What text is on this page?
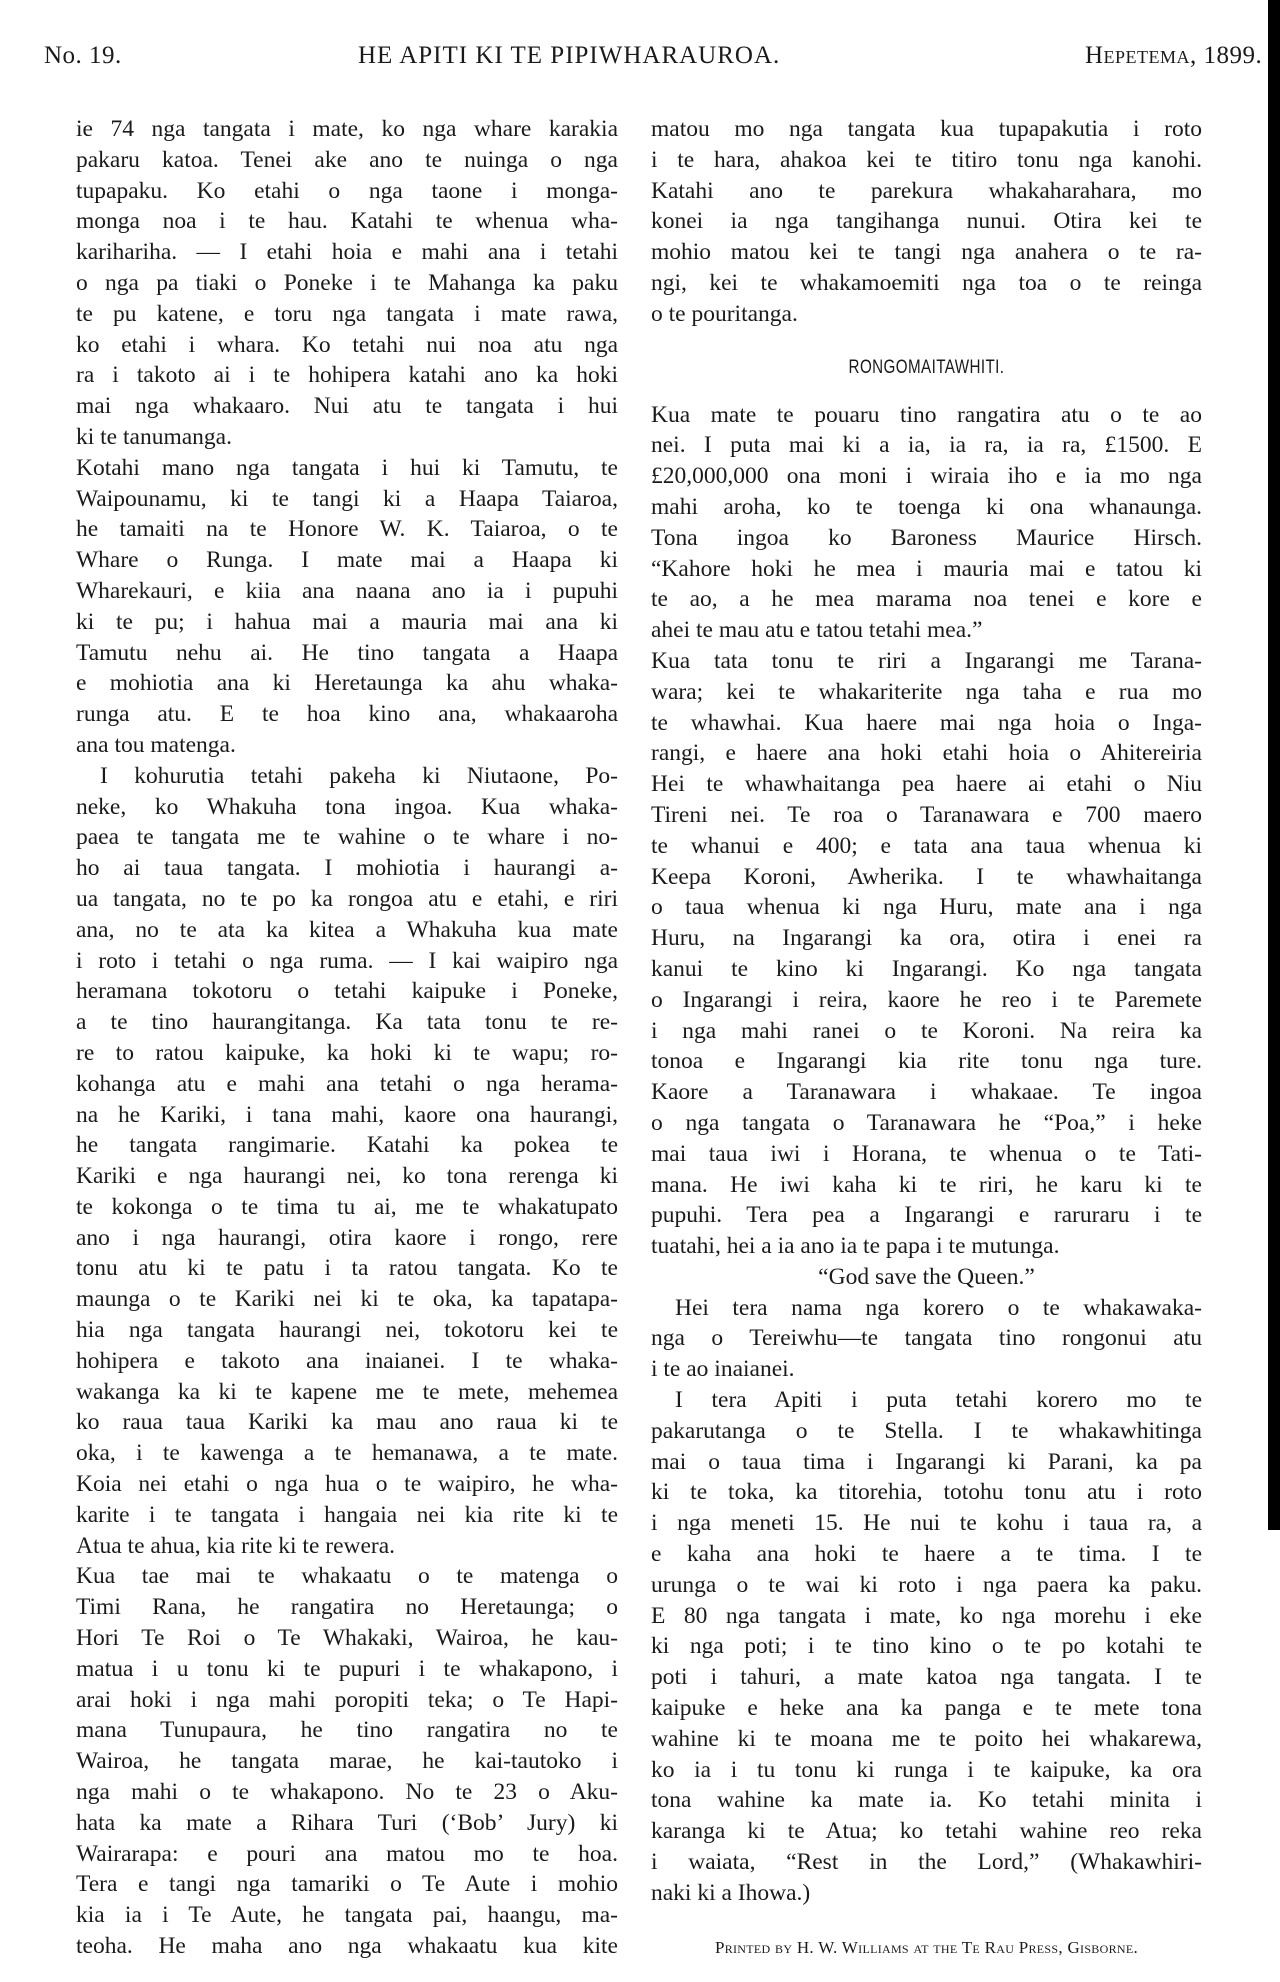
No. 19.	HE APITI KI TE PIPIWHARAUROA.	Hepetema, 1899.
ie 74 nga tangata i mate, ko nga whare karakia
pakaru katoa. Tenei ake ano te nuinga o nga
tupapaku. Ko etahi o nga taone i monga-
monga noa i te hau. Katahi te whenua wha-
karihariha. — I etahi hoia e mahi ana i tetahi
o nga pa tiaki o Poneke i te Mahanga ka paku
te pu katene, e toru nga tangata i mate rawa,
ko etahi i whara. Ko tetahi nui noa atu nga
ra i takoto ai i te hohipera katahi ano ka hoki
mai nga whakaaro. Nui atu te tangata i hui
ki te tanumanga.
Kotahi mano nga tangata i hui ki Tamutu, te
Waipounamu, ki te tangi ki a Haapa Taiaroa,
he tamaiti na te Honore W. K. Taiaroa, o te
Whare o Runga. I mate mai a Haapa ki
Wharekauri, e kiia ana naana ano ia i pupuhi
ki te pu; i hahua mai a mauria mai ana ki
Tamutu nehu ai. He tino tangata a Haapa
e mohiotia ana ki Heretaunga ka ahu whaka-
runga atu. E te hoa kino ana, whakaaroha
ana tou matenga.
I kohurutia tetahi pakeha ki Niutaone, Po-
neke, ko Whakuha tona ingoa. Kua whaka-
paea te tangata me te wahine o te whare i no-
ho ai taua tangata. I mohiotia i haurangi a-
ua tangata, no te po ka rongoa atu e etahi, e riri
ana, no te ata ka kitea a Whakuha kua mate
i roto i tetahi o nga ruma. — I kai waipiro nga
heramana tokotoru o tetahi kaipuke i Poneke,
a te tino haurangitanga. Ka tata tonu te re-
re to ratou kaipuke, ka hoki ki te wapu; ro-
kohanga atu e mahi ana tetahi o nga herama-
na he Kariki, i tana mahi, kaore ona haurangi,
he tangata rangimarie. Katahi ka pokea te
Kariki e nga haurangi nei, ko tona rerenga ki
te kokonga o te tima tu ai, me te whakatupato
ano i nga haurangi, otira kaore i rongo, rere
tonu atu ki te patu i ta ratou tangata. Ko te
maunga o te Kariki nei ki te oka, ka tapatapa-
hia nga tangata haurangi nei, tokotoru kei te
hohipera e takoto ana inaianei. I te whaka-
wakanga ka ki te kapene me te mete, mehemea
ko raua taua Kariki ka mau ano raua ki te
oka, i te kawenga a te hemanawa, a te mate.
Koia nei etahi o nga hua o te waipiro, he wha-
karite i te tangata i hangaia nei kia rite ki te
Atua te ahua, kia rite ki te rewera.
Kua tae mai te whakaatu o te matenga o
Timi Rana, he rangatira no Heretaunga; o
Hori Te Roi o Te Whakaki, Wairoa, he kau-
matua i u tonu ki te pupuri i te whakapono, i
arai hoki i nga mahi poropiti teka; o Te Hapi-
mana Tunupaura, he tino rangatira no te
Wairoa, he tangata marae, he kai-tautoko i
nga mahi o te whakapono. No te 23 o Aku-
hata ka mate a Rihara Turi (‘Bob’ Jury) ki
Wairarapa: e pouri ana matou mo te hoa.
Tera e tangi nga tamariki o Te Aute i mohio
kia ia i Te Aute, he tangata pai, haangu, ma-
teoha. He maha ano nga whakaatu kua kite
matou mo nga tangata kua tupapakutia i roto
i te hara, ahakoa kei te titiro tonu nga kanohi.
Katahi ano te parekura whakaharahara, mo
konei ia nga tangihanga nunui. Otira kei te
mohio matou kei te tangi nga anahera o te ra-
ngi, kei te whakamoemiti nga toa o te reinga
o te pouritanga.
RONGOMAITAWHITI.
Kua mate te pouaru tino rangatira atu o te ao
nei. I puta mai ki a ia, ia ra, ia ra, £1500. E
£20,000,000 ona moni i wiraia iho e ia mo nga
mahi aroha, ko te toenga ki ona whanaunga.
Tona ingoa ko Baroness Maurice Hirsch.
“Kahore hoki he mea i mauria mai e tatou ki
te ao, a he mea marama noa tenei e kore e
ahei te mau atu e tatou tetahi mea.”
Kua tata tonu te riri a Ingarangi me Tarana-
wara; kei te whakariterite nga taha e rua mo
te whawhai. Kua haere mai nga hoia o Inga-
rangi, e haere ana hoki etahi hoia o Ahitereiria
Hei te whawhaitanga pea haere ai etahi o Niu
Tireni nei. Te roa o Taranawara e 700 maero
te whanui e 400; e tata ana taua whenua ki
Keepa Koroni, Awherika. I te whawhaitanga
o taua whenua ki nga Huru, mate ana i nga
Huru, na Ingarangi ka ora, otira i enei ra
kanui te kino ki Ingarangi. Ko nga tangata
o Ingarangi i reira, kaore he reo i te Paremete
i nga mahi ranei o te Koroni. Na reira ka
tonoa e Ingarangi kia rite tonu nga ture.
Kaore a Taranawara i whakaae. Te ingoa
o nga tangata o Taranawara he “Poa,” i heke
mai taua iwi i Horana, te whenua o te Tati-
mana. He iwi kaha ki te riri, he karu ki te
pupuhi. Tera pea a Ingarangi e raruraru i te
tuatahi, hei a ia ano ia te papa i te mutunga.
“God save the Queen.”
Hei tera nama nga korero o te whakawaka-
nga o Tereiwhu—te tangata tino rongonui atu
i te ao inaianei.
I tera Apiti i puta tetahi korero mo te
pakarutanga o te Stella. I te whakawhitinga
mai o taua tima i Ingarangi ki Parani, ka pa
ki te toka, ka titorehia, totohu tonu atu i roto
i nga meneti 15. He nui te kohu i taua ra, a
e kaha ana hoki te haere a te tima. I te
urunga o te wai ki roto i nga paera ka paku.
E 80 nga tangata i mate, ko nga morehu i eke
ki nga poti; i te tino kino o te po kotahi te
poti i tahuri, a mate katoa nga tangata. I te
kaipuke e heke ana ka panga e te mete tona
wahine ki te moana me te poito hei whakarewa,
ko ia i tu tonu ki runga i te kaipuke, ka ora
tona wahine ka mate ia. Ko tetahi minita i
karanga ki te Atua; ko tetahi wahine reo reka
i waiata, “Rest in the Lord,” (Whakawhiri-
naki ki a Ihowa.)
Printed by H. W. Williams at the Te Rau Press, Gisborne.
